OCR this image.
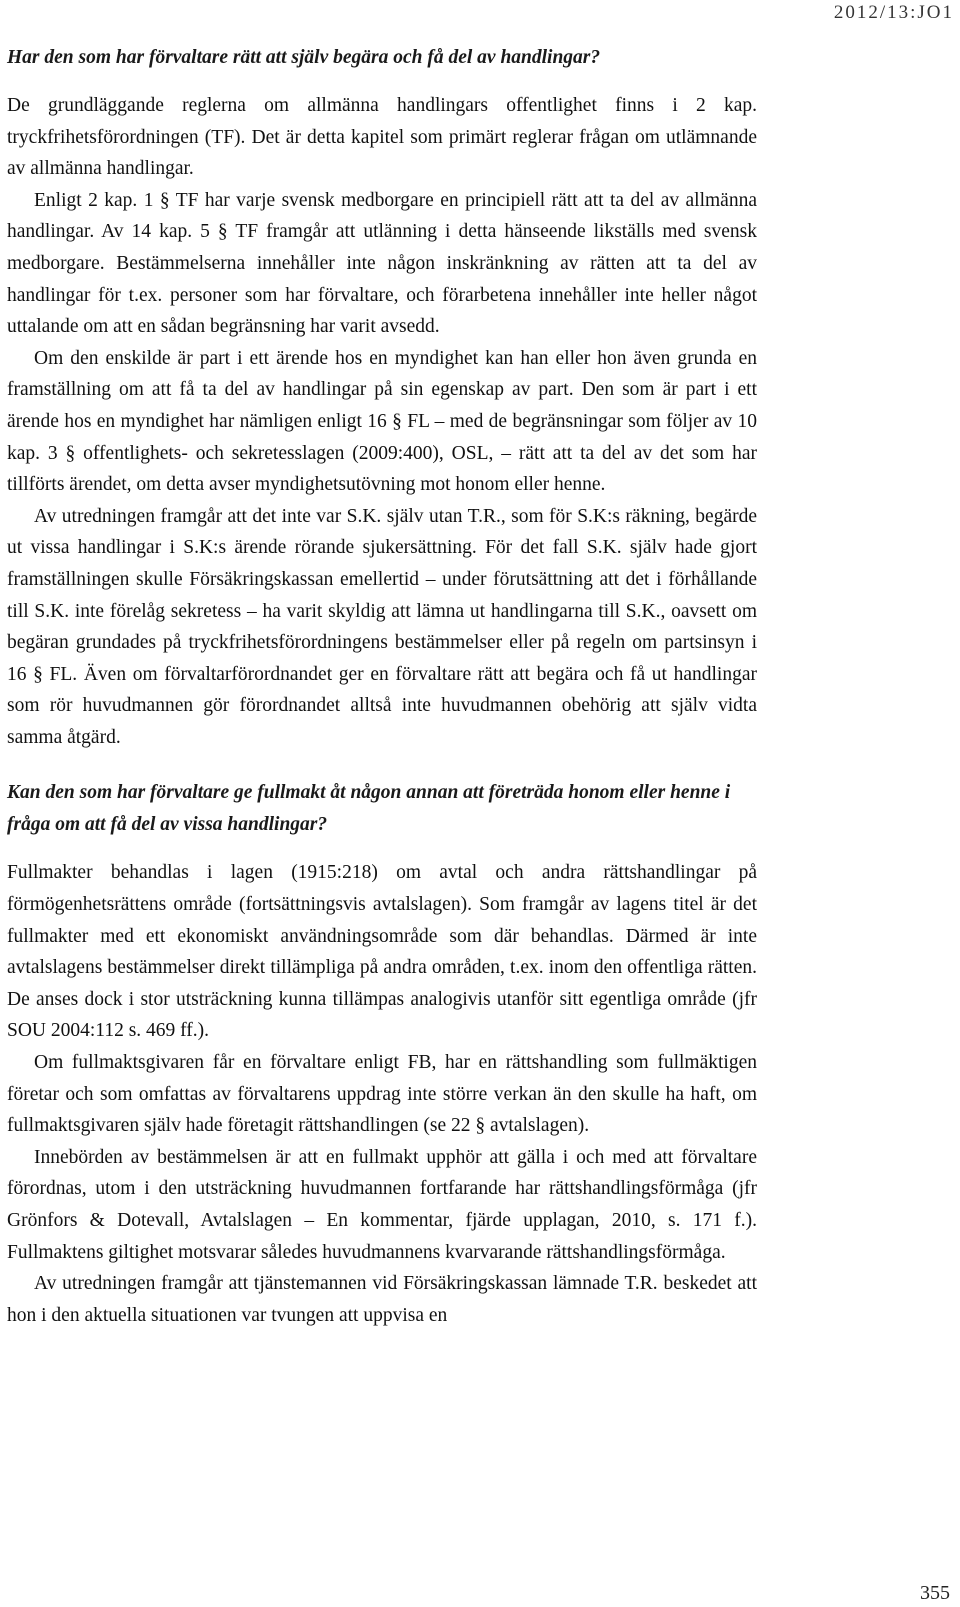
2012/13:JO1
Har den som har förvaltare rätt att själv begära och få del av handlingar?

De grundläggande reglerna om allmänna handlingars offentlighet finns i 2 kap. tryckfrihetsförordningen (TF). Det är detta kapitel som primärt reglerar frågan om utlämnande av allmänna handlingar.

Enligt 2 kap. 1 § TF har varje svensk medborgare en principiell rätt att ta del av allmänna handlingar. Av 14 kap. 5 § TF framgår att utlänning i detta hänseende likställs med svensk medborgare. Bestämmelserna innehåller inte någon inskränkning av rätten att ta del av handlingar för t.ex. personer som har förvaltare, och förarbetena innehåller inte heller något uttalande om att en sådan begränsning har varit avsedd.

Om den enskilde är part i ett ärende hos en myndighet kan han eller hon även grunda en framställning om att få ta del av handlingar på sin egenskap av part. Den som är part i ett ärende hos en myndighet har nämligen enligt 16 § FL – med de begränsningar som följer av 10 kap. 3 § offentlighets- och sekretesslagen (2009:400), OSL, – rätt att ta del av det som har tillförts ärendet, om detta avser myndighetsutövning mot honom eller henne.

Av utredningen framgår att det inte var S.K. själv utan T.R., som för S.K:s räkning, begärde ut vissa handlingar i S.K:s ärende rörande sjukersättning. För det fall S.K. själv hade gjort framställningen skulle Försäkringskassan emellertid – under förutsättning att det i förhållande till S.K. inte förelåg sekretess – ha varit skyldig att lämna ut handlingarna till S.K., oavsett om begäran grundades på tryckfrihetsförordningens bestämmelser eller på regeln om partsinsyn i 16 § FL. Även om förvaltarförordnandet ger en förvaltare rätt att begära och få ut handlingar som rör huvudmannen gör förordnandet alltså inte huvudmannen obehörig att själv vidta samma åtgärd.

Kan den som har förvaltare ge fullmakt åt någon annan att företräda honom eller henne i fråga om att få del av vissa handlingar?

Fullmakter behandlas i lagen (1915:218) om avtal och andra rättshandlingar på förmögenhetsrättens område (fortsättningsvis avtalslagen). Som framgår av lagens titel är det fullmakter med ett ekonomiskt användningsområde som där behandlas. Därmed är inte avtalslagens bestämmelser direkt tillämpliga på andra områden, t.ex. inom den offentliga rätten. De anses dock i stor utsträckning kunna tillämpas analogivis utanför sitt egentliga område (jfr SOU 2004:112 s. 469 ff.).

Om fullmaktsgivaren får en förvaltare enligt FB, har en rättshandling som fullmäktigen företar och som omfattas av förvaltarens uppdrag inte större verkan än den skulle ha haft, om fullmaktsgivaren själv hade företagit rättshandlingen (se 22 § avtalslagen).

Innebörden av bestämmelsen är att en fullmakt upphör att gälla i och med att förvaltare förordnas, utom i den utsträckning huvudmannen fortfarande har rättshandlingsförmåga (jfr Grönfors & Dotevall, Avtalslagen – En kommentar, fjärde upplagan, 2010, s. 171 f.). Fullmaktens giltighet motsvarar således huvudmannens kvarvarande rättshandlingsförmåga.

Av utredningen framgår att tjänstemannen vid Försäkringskassan lämnade T.R. beskedet att hon i den aktuella situationen var tvungen att uppvisa en

355
